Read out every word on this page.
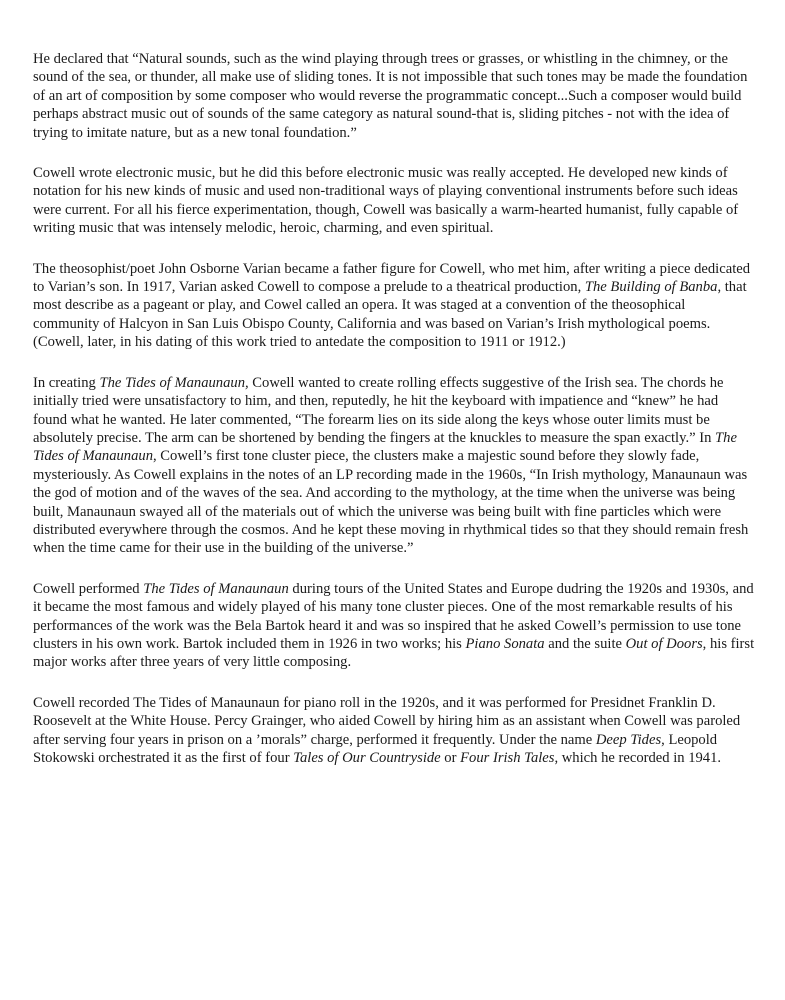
He declared that “Natural sounds, such as the wind playing through trees or grasses, or whistling in the chimney, or the sound of the sea, or thunder, all make use of sliding tones. It is not impossible that such tones may be made the foundation of an art of composition by some composer who would reverse the programmatic concept...Such a composer would build perhaps abstract music out of sounds of the same category as natural sound-that is, sliding pitches - not with the idea of trying to imitate nature, but as a new tonal foundation.”

Cowell wrote electronic music, but he did this before electronic music was really accepted. He developed new kinds of notation for his new kinds of music and used non-traditional ways of playing conventional instruments before such ideas were current. For all his fierce experimentation, though, Cowell was basically a warm-hearted humanist, fully capable of writing music that was intensely melodic, heroic, charming, and even spiritual.

The theosophist/poet John Osborne Varian became a father figure for Cowell, who met him, after writing a piece dedicated to Varian’s son. In 1917, Varian asked Cowell to compose a prelude to a theatrical production, The Building of Banba, that most describe as a pageant or play, and Cowel called an opera. It was staged at a convention of the theosophical community of Halcyon in San Luis Obispo County, California and was based on Varian’s Irish mythological poems. (Cowell, later, in his dating of this work tried to antedate the composition to 1911 or 1912.)

In creating The Tides of Manaunaun, Cowell wanted to create rolling effects suggestive of the Irish sea. The chords he initially tried were unsatisfactory to him, and then, reputedly, he hit the keyboard with impatience and “knew” he had found what he wanted. He later commented, “The forearm lies on its side along the keys whose outer limits must be absolutely precise. The arm can be shortened by bending the fingers at the knuckles to measure the span exactly.” In The Tides of Manaunaun, Cowell’s first tone cluster piece, the clusters make a majestic sound before they slowly fade, mysteriously. As Cowell explains in the notes of an LP recording made in the 1960s, “In Irish mythology, Manaunaun was the god of motion and of the waves of the sea. And according to the mythology, at the time when the universe was being built, Manaunaun swayed all of the materials out of which the universe was being built with fine particles which were distributed everywhere through the cosmos. And he kept these moving in rhythmical tides so that they should remain fresh when the time came for their use in the building of the universe.”

Cowell performed The Tides of Manaunaun during tours of the United States and Europe dudring the 1920s and 1930s, and it became the most famous and widely played of his many tone cluster pieces. One of the most remarkable results of his performances of the work was the Bela Bartok heard it and was so inspired that he asked Cowell’s permission to use tone clusters in his own work. Bartok included them in 1926 in two works; his Piano Sonata and the suite Out of Doors, his first major works after three years of very little composing.

Cowell recorded The Tides of Manaunaun for piano roll in the 1920s, and it was performed for Presidnet Franklin D. Roosevelt at the White House. Percy Grainger, who aided Cowell by hiring him as an assistant when Cowell was paroled after serving four years in prison on a ’morals” charge, performed it frequently. Under the name Deep Tides, Leopold Stokowski orchestrated it as the first of four Tales of Our Countryside or Four Irish Tales, which he recorded in 1941.
